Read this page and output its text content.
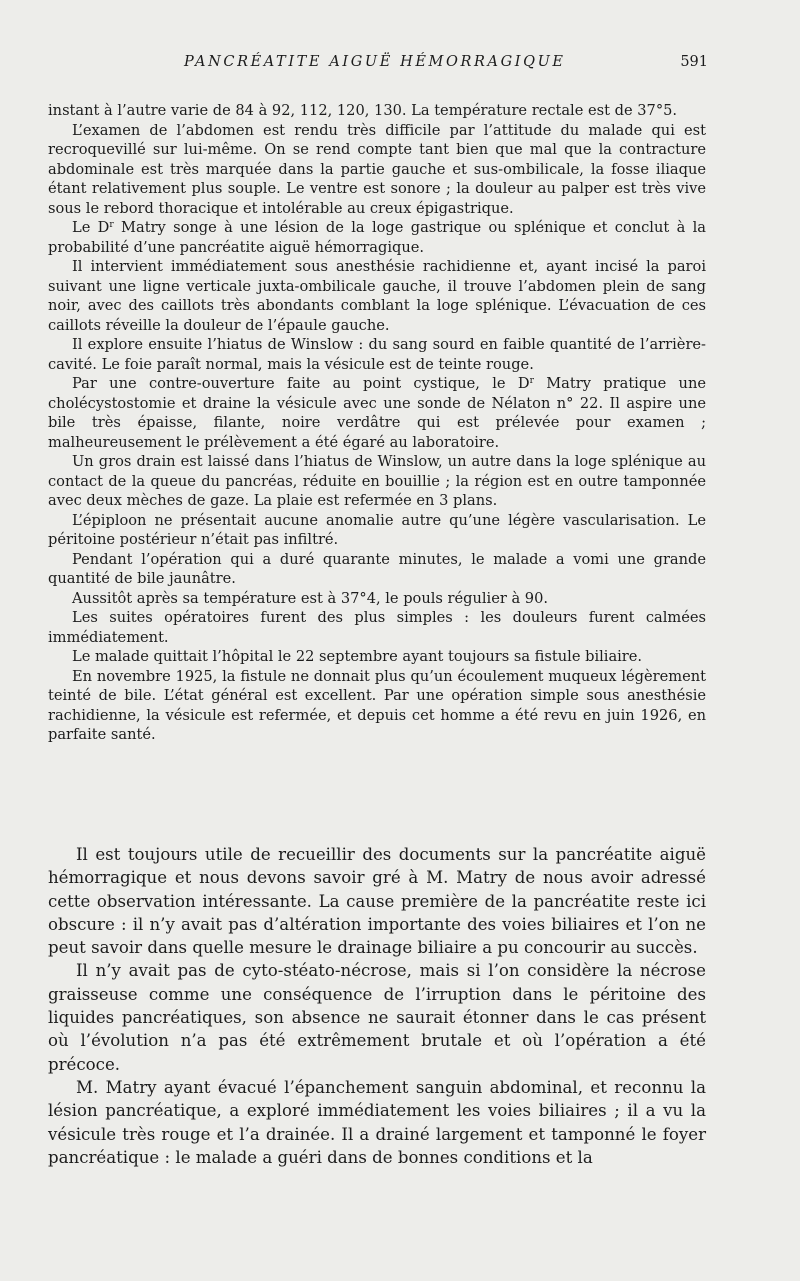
PANCRÉATITE AIGUË HÉMORRAGIQUE	591

instant à l’autre varie de 84 à 92, 112, 120, 130. La température rectale est de 37°5.

L’examen de l’abdomen est rendu très difficile par l’attitude du malade qui est recroquevillé sur lui-même. On se rend compte tant bien que mal que la contracture abdominale est très marquée dans la partie gauche et sus-ombilicale, la fosse iliaque étant relativement plus souple. Le ventre est sonore ; la douleur au palper est très vive sous le rebord thoracique et intolérable au creux épigastrique.

Le $D^r$ Matry songe à une lésion de la loge gastrique ou splénique et conclut à la probabilité d’une pancréatite aiguë hémorragique.

Il intervient immédiatement sous anesthésie rachidienne et, ayant incisé la paroi suivant une ligne verticale juxta-ombilicale gauche, il trouve l’abdomen plein de sang noir, avec des caillots très abondants comblant la loge splénique. L’évacuation de ces caillots réveille la douleur de l’épaule gauche.

Il explore ensuite l’hiatus de Winslow : du sang sourd en faible quantité de l’arrière-cavité. Le foie paraît normal, mais la vésicule est de teinte rouge.

Par une contre-ouverture faite au point cystique, le $D^r$ Matry pratique une cholécystostomie et draine la vésicule avec une sonde de Nélaton n° 22. Il aspire une bile très épaisse, filante, noire verdâtre qui est prélevée pour examen ; malheureusement le prélèvement a été égaré au laboratoire.

Un gros drain est laissé dans l’hiatus de Winslow, un autre dans la loge splénique au contact de la queue du pancréas, réduite en bouillie ; la région est en outre tamponnée avec deux mèches de gaze. La plaie est refermée en 3 plans.

L’épiploon ne présentait aucune anomalie autre qu’une légère vascularisation. Le péritoine postérieur n’était pas infiltré.

Pendant l’opération qui a duré quarante minutes, le malade a vomi une grande quantité de bile jaunâtre.

Aussitôt après sa température est à 37°4, le pouls régulier à 90.

Les suites opératoires furent des plus simples : les douleurs furent calmées immédiatement.

Le malade quittait l’hôpital le 22 septembre ayant toujours sa fistule biliaire.

En novembre 1925, la fistule ne donnait plus qu’un écoulement muqueux légèrement teinté de bile. L’état général est excellent. Par une opération simple sous anesthésie rachidienne, la vésicule est refermée, et depuis cet homme a été revu en juin 1926, en parfaite santé.

Il est toujours utile de recueillir des documents sur la pancréatite aiguë hémorragique et nous devons savoir gré à M. Matry de nous avoir adressé cette observation intéressante. La cause première de la pancréatite reste ici obscure : il n’y avait pas d’altération importante des voies biliaires et l’on ne peut savoir dans quelle mesure le drainage biliaire a pu concourir au succès.

Il n’y avait pas de cyto-stéato-nécrose, mais si l’on considère la nécrose graisseuse comme une conséquence de l’irruption dans le péritoine des liquides pancréatiques, son absence ne saurait étonner dans le cas présent où l’évolution n’a pas été extrêmement brutale et où l’opération a été précoce.

M. Matry ayant évacué l’épanchement sanguin abdominal, et reconnu la lésion pancréatique, a exploré immédiatement les voies biliaires ; il a vu la vésicule très rouge et l’a drainée. Il a drainé largement et tamponné le foyer pancréatique : le malade a guéri dans de bonnes conditions et la
